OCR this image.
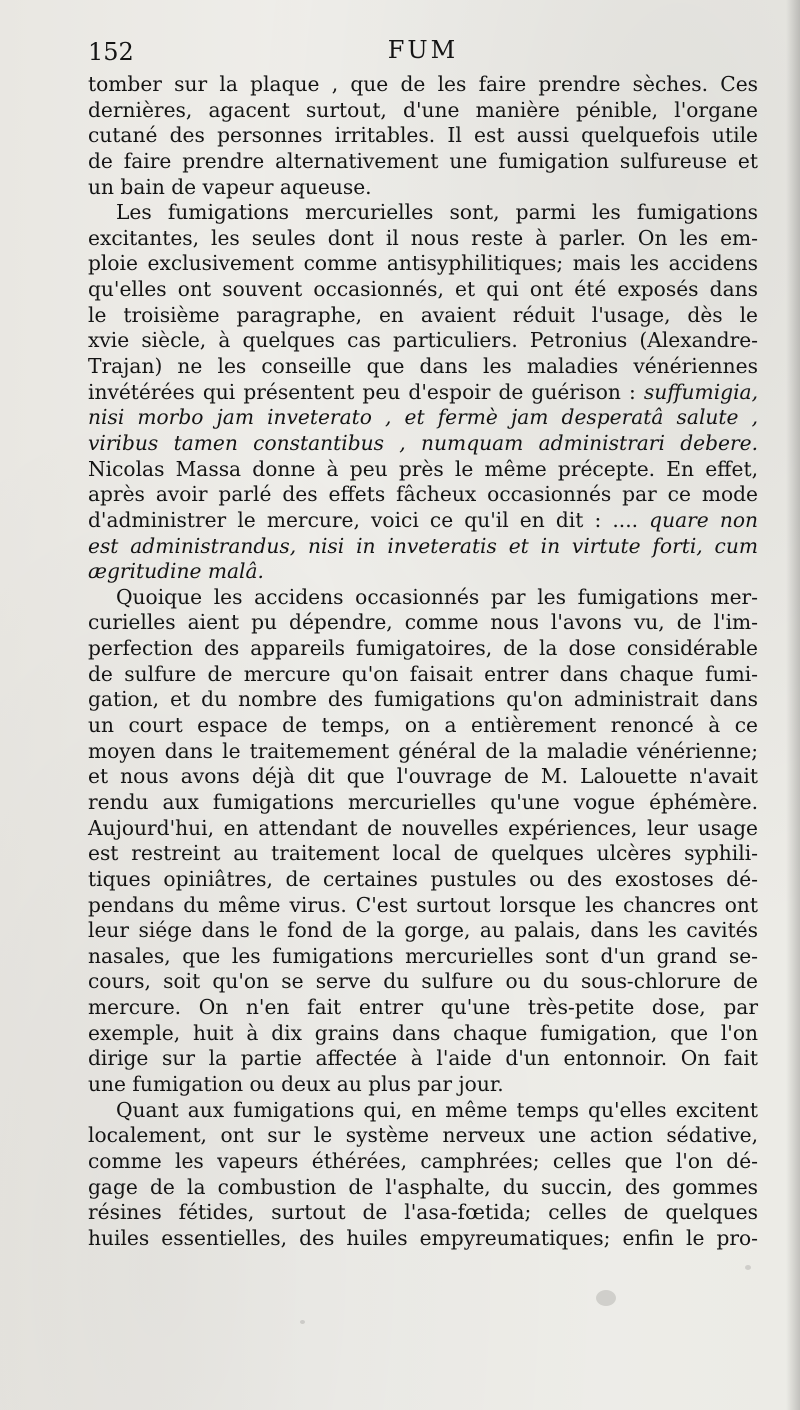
152	FUM
tomber sur la plaque , que de les faire prendre sèches. Ces
dernières, agacent surtout, d'une manière pénible, l'organe
cutané des personnes irritables. Il est aussi quelquefois utile
de faire prendre alternativement une fumigation sulfureuse et
un bain de vapeur aqueuse.
Les fumigations mercurielles sont, parmi les fumigations
excitantes, les seules dont il nous reste à parler. On les em-
ploie exclusivement comme antisyphilitiques; mais les accidens
qu'elles ont souvent occasionnés, et qui ont été exposés dans
le troisième paragraphe, en avaient réduit l'usage, dès le
xvie siècle, à quelques cas particuliers. Petronius (Alexandre-
Trajan) ne les conseille que dans les maladies vénériennes
invétérées qui présentent peu d'espoir de guérison : suffumigia,
nisi morbo jam inveterato , et fermè jam desperatâ salute ,
viribus tamen constantibus , numquam administrari debere.
Nicolas Massa donne à peu près le même précepte. En effet,
après avoir parlé des effets fâcheux occasionnés par ce mode
d'administrer le mercure, voici ce qu'il en dit : .... quare non
est administrandus, nisi in inveteratis et in virtute forti, cum
ægritudine malâ.
Quoique les accidens occasionnés par les fumigations mer-
curielles aient pu dépendre, comme nous l'avons vu, de l'im-
perfection des appareils fumigatoires, de la dose considérable
de sulfure de mercure qu'on faisait entrer dans chaque fumi-
gation, et du nombre des fumigations qu'on administrait dans
un court espace de temps, on a entièrement renoncé à ce
moyen dans le traitemement général de la maladie vénérienne;
et nous avons déjà dit que l'ouvrage de M. Lalouette n'avait
rendu aux fumigations mercurielles qu'une vogue éphémère.
Aujourd'hui, en attendant de nouvelles expériences, leur usage
est restreint au traitement local de quelques ulcères syphili-
tiques opiniâtres, de certaines pustules ou des exostoses dé-
pendans du même virus. C'est surtout lorsque les chancres ont
leur siége dans le fond de la gorge, au palais, dans les cavités
nasales, que les fumigations mercurielles sont d'un grand se-
cours, soit qu'on se serve du sulfure ou du sous-chlorure de
mercure. On n'en fait entrer qu'une très-petite dose, par
exemple, huit à dix grains dans chaque fumigation, que l'on
dirige sur la partie affectée à l'aide d'un entonnoir. On fait
une fumigation ou deux au plus par jour.
Quant aux fumigations qui, en même temps qu'elles excitent
localement, ont sur le système nerveux une action sédative,
comme les vapeurs éthérées, camphrées; celles que l'on dé-
gage de la combustion de l'asphalte, du succin, des gommes
résines fétides, surtout de l'asa-fœtida; celles de quelques
huiles essentielles, des huiles empyreumatiques; enfin le pro-
